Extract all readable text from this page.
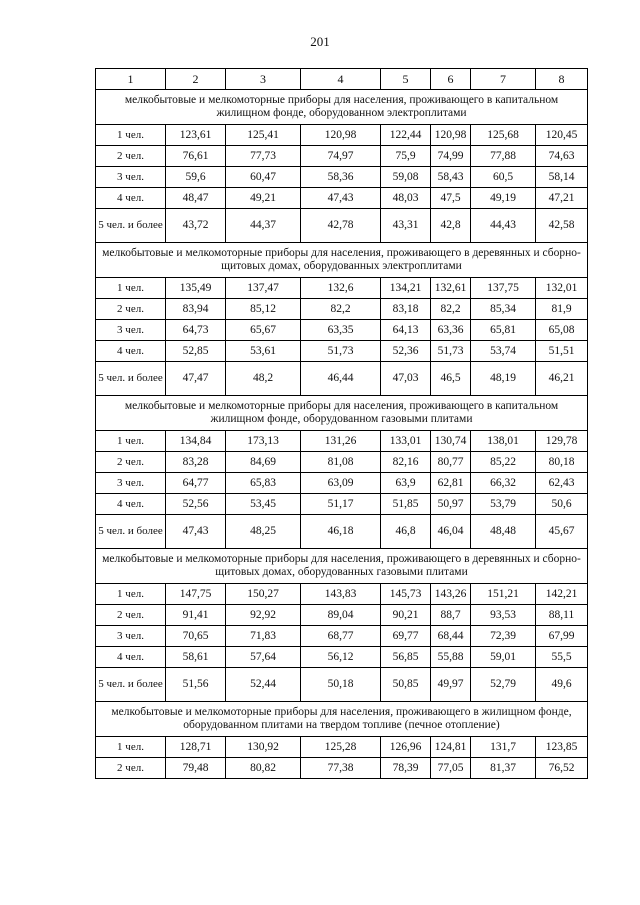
201
1	2	3	4	5	6	7	8
мелкобытовые и мелкомоторные приборы для населения, проживающего в капитальном жилищном фонде, оборудованном электроплитами							
1 чел.	123,61	125,41	120,98	122,44	120,98	125,68	120,45
2 чел.	76,61	77,73	74,97	75,9	74,99	77,88	74,63
3 чел.	59,6	60,47	58,36	59,08	58,43	60,5	58,14
4 чел.	48,47	49,21	47,43	48,03	47,5	49,19	47,21
5 чел. и более	43,72	44,37	42,78	43,31	42,8	44,43	42,58
мелкобытовые и мелкомоторные приборы для населения, проживающего в деревянных и сборно-щитовых домах, оборудованных электроплитами							
1 чел.	135,49	137,47	132,6	134,21	132,61	137,75	132,01
2 чел.	83,94	85,12	82,2	83,18	82,2	85,34	81,9
3 чел.	64,73	65,67	63,35	64,13	63,36	65,81	65,08
4 чел.	52,85	53,61	51,73	52,36	51,73	53,74	51,51
5 чел. и более	47,47	48,2	46,44	47,03	46,5	48,19	46,21
мелкобытовые и мелкомоторные приборы для населения, проживающего в капитальном жилищном фонде, оборудованном газовыми плитами							
1 чел.	134,84	173,13	131,26	133,01	130,74	138,01	129,78
2 чел.	83,28	84,69	81,08	82,16	80,77	85,22	80,18
3 чел.	64,77	65,83	63,09	63,9	62,81	66,32	62,43
4 чел.	52,56	53,45	51,17	51,85	50,97	53,79	50,6
5 чел. и более	47,43	48,25	46,18	46,8	46,04	48,48	45,67
мелкобытовые и мелкомоторные приборы для населения, проживающего в деревянных и сборно-щитовых домах, оборудованных газовыми плитами							
1 чел.	147,75	150,27	143,83	145,73	143,26	151,21	142,21
2 чел.	91,41	92,92	89,04	90,21	88,7	93,53	88,11
3 чел.	70,65	71,83	68,77	69,77	68,44	72,39	67,99
4 чел.	58,61	57,64	56,12	56,85	55,88	59,01	55,5
5 чел. и более	51,56	52,44	50,18	50,85	49,97	52,79	49,6
мелкобытовые и мелкомоторные приборы для населения, проживающего в жилищном фонде, оборудованном плитами на твердом топливе (печное отопление)							
1 чел.	128,71	130,92	125,28	126,96	124,81	131,7	123,85
2 чел.	79,48	80,82	77,38	78,39	77,05	81,37	76,52
